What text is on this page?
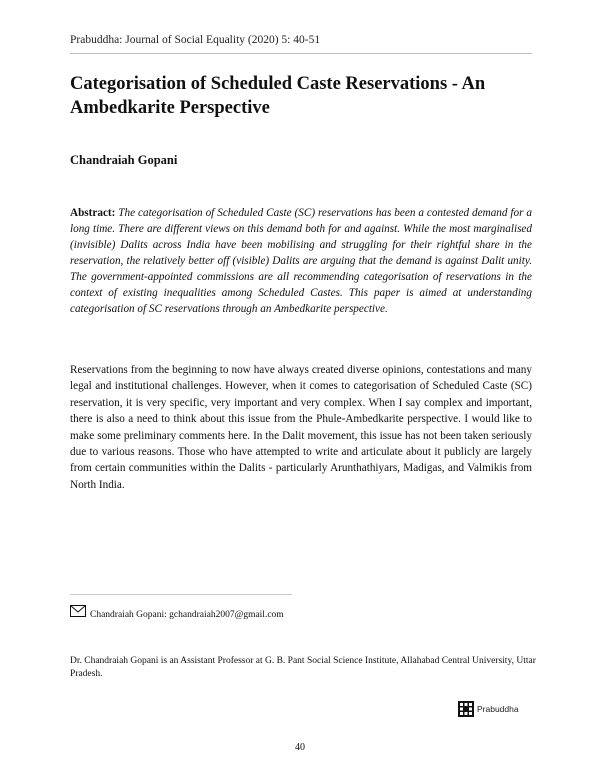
Prabuddha: Journal of Social Equality (2020) 5: 40-51
Categorisation of Scheduled Caste Reservations - An Ambedkarite Perspective
Chandraiah Gopani
Abstract: The categorisation of Scheduled Caste (SC) reservations has been a contested demand for a long time. There are different views on this demand both for and against. While the most marginalised (invisible) Dalits across India have been mobilising and struggling for their rightful share in the reservation, the relatively better off (visible) Dalits are arguing that the demand is against Dalit unity. The government-appointed commissions are all recommending categorisation of reservations in the context of existing inequalities among Scheduled Castes. This paper is aimed at understanding categorisation of SC reservations through an Ambedkarite perspective.
Reservations from the beginning to now have always created diverse opinions, contestations and many legal and institutional challenges. However, when it comes to categorisation of Scheduled Caste (SC) reservation, it is very specific, very important and very complex. When I say complex and important, there is also a need to think about this issue from the Phule-Ambedkarite perspective. I would like to make some preliminary comments here. In the Dalit movement, this issue has not been taken seriously due to various reasons. Those who have attempted to write and articulate about it publicly are largely from certain communities within the Dalits - particularly Arunthathiyars, Madigas, and Valmikis from North India.
Chandraiah Gopani: gchandraiah2007@gmail.com
Dr. Chandraiah Gopani is an Assistant Professor at G. B. Pant Social Science Institute, Allahabad Central University, Uttar Pradesh.
Prabuddha
40
